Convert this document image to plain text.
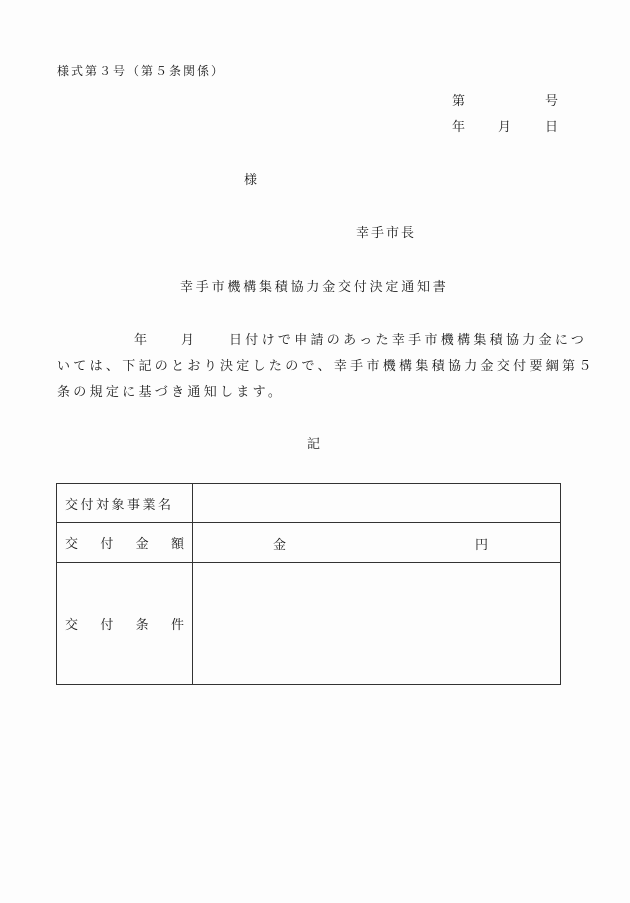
様式第３号（第５条関係）
第	号
年	月	日
様
幸手市長
幸手市機構集積協力金交付決定通知書
年 月 日付けで申請のあった幸手市機構集積協力金につ
いては、下記のとおり決定したので、幸手市機構集積協力金交付要綱第５
条の規定に基づき通知します。
記
交付対象事業名	

交 付 金 額	金 円

交 付 条 件	
